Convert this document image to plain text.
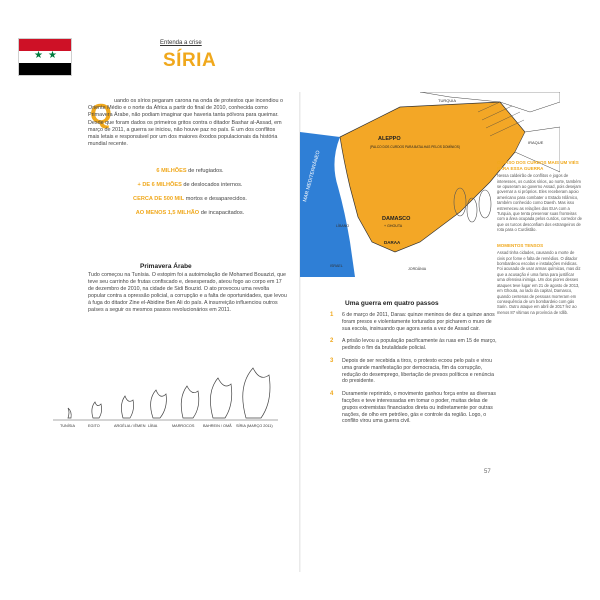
★ ★
Entenda a crise
SÍRIA
Q uando os sírios pegaram carona na onda de protestos que incendiou o Oriente Médio e o norte da África a partir do final de 2010, conhecida como Primavera Árabe, não podiam imaginar que haveria tanta pólvora para queimar. Desde que foram dados os primeiros gritos contra o ditador Bashar al-Assad, em março de 2011, a guerra se iniciou, não houve paz no país. É um dos conflitos mais letais e responsável por um dos maiores êxodos populacionais da história mundial recente.
6 MILHÕES de refugiados.
+ DE 6 MILHÕES de deslocados internos.
CERCA DE 500 MIL mortos e desaparecidos.
AO MENOS 1,5 MILHÃO de incapacitados.
Primavera Árabe
Tudo começou na Tunísia. O estopim foi a autoimolação de Mohamed Bouazizi, que teve seu carrinho de frutas confiscado e, desesperado, ateou fogo ao corpo em 17 de dezembro de 2010, na cidade de Sidi Bouzid. O ato provocou uma revolta popular contra a opressão policial, a corrupção e a falta de oportunidades, que levou à fuga do ditador Zine el-Abidine Ben Ali do país. A insurreição influenciou outros países a seguir os mesmos passos revolucionários em 2011.
TUNÍSIA	EGITO	ARGÉLIA / IÊMEN LÍBIA	MARROCOS BAHREIN / OMÃ SÍRIA (MARÇO 2011)
MAR MEDITERRÂNEO
TURQUIA
IRAQUE
ALEPPO
(PALCO DOS CURDOS PARA BATALHAS PELOS DOMÍNIOS)
DAMASCO
+ GHOUTA
DARAA
LÍBANO
ISRAEL
JORDÂNIA
O CASO DOS CURDOS MAIS UM VIÉS PARA ESSA GUERRA
Nessa caldeirão de conflitos e jogos de interesses, os curdos sírios, ao norte, também se opuseram ao governo Assad, pois desejam governar a si próprios. Eles receberam apoio americano para combater o Estado Islâmico, também conhecido como Daesh. Mas isso estremeceu as relações dos EUA com a Turquia, que tenta preservar suas fronteiras com a área ocupada pelos curdos, corredor de que os turcos desconfiam dos estrangeiros de rota para o Curdistão.
MOMENTOS TENSOS
Assad tinha cidades, causando a morte de civis por fome e falta de remédios. O ditador bombardeou escolas e instalações médicas. Foi acusado de usar armas químicas, mas diz que a acusação é uma farsa para justificar uma ofensiva inimiga. Um dos piores desses ataques teve lugar em 21 de agosto de 2013, em Ghouta, ao lado da capital, Damasco, quando centenas de pessoas morreram em consequência de um bombardeio com gás Sarin. Outro ataque em abril de 2017 fez ao menos 87 vítimas na província de Idlib.
Uma guerra em quatro passos
1 6 de março de 2011, Daraa: quinze meninos de dez a quinze anos foram presos e violentamente torturados por picharem o muro de sua escola, insinuando que agora seria a vez de Assad cair.
2 A prisão levou a população pacificamente às ruas em 15 de março, pedindo o fim da brutalidade policial.
3 Depois de ser recebida a tiros, o protesto ecoou pelo país e virou uma grande manifestação por democracia, fim da corrupção, redução do desemprego, libertação de presos políticos e renúncia do presidente.
4 Duramente reprimido, o movimento ganhou força entre as diversas facções e teve interessadas em tomar o poder, muitas delas de grupos extremistas financiados direta ou indiretamente por outras nações, de olho em petróleo, gás e controle da região. Logo, o conflito virou uma guerra civil.
57
